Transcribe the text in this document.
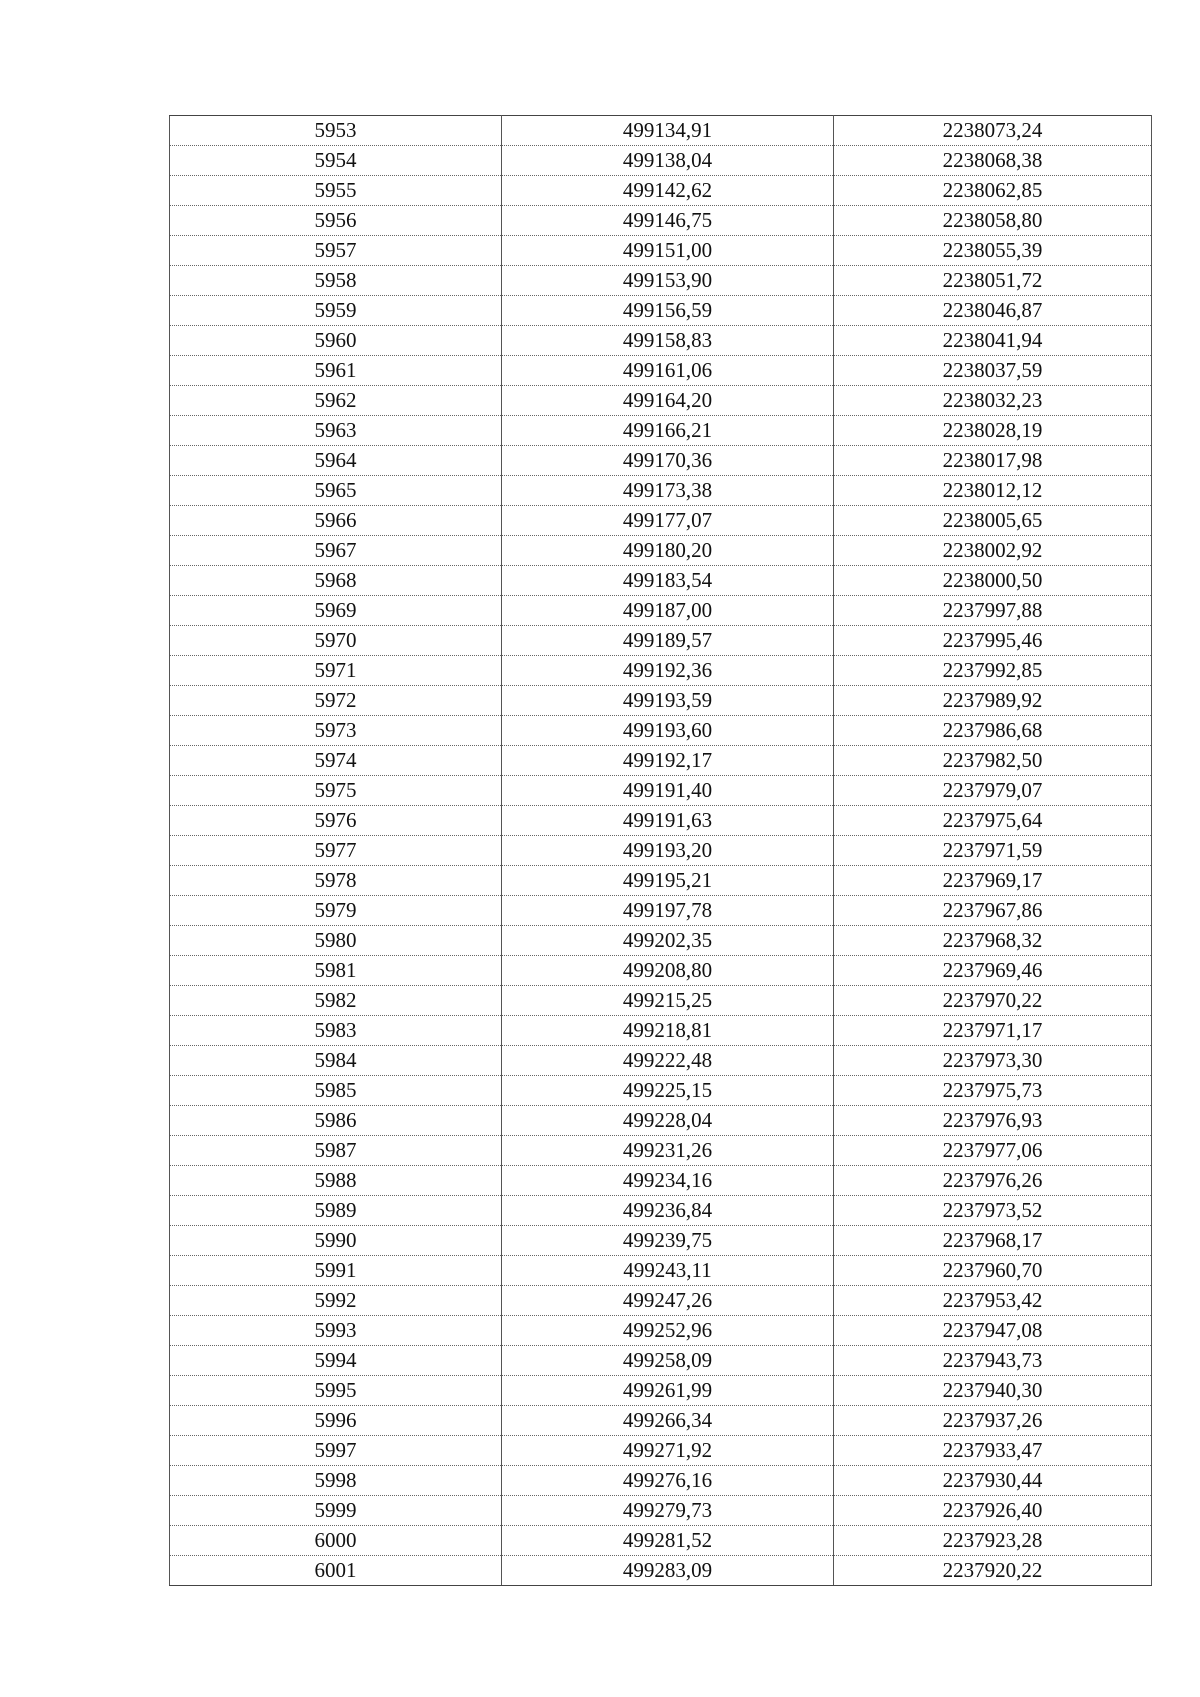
5953	499134,91	2238073,24
5954	499138,04	2238068,38
5955	499142,62	2238062,85
5956	499146,75	2238058,80
5957	499151,00	2238055,39
5958	499153,90	2238051,72
5959	499156,59	2238046,87
5960	499158,83	2238041,94
5961	499161,06	2238037,59
5962	499164,20	2238032,23
5963	499166,21	2238028,19
5964	499170,36	2238017,98
5965	499173,38	2238012,12
5966	499177,07	2238005,65
5967	499180,20	2238002,92
5968	499183,54	2238000,50
5969	499187,00	2237997,88
5970	499189,57	2237995,46
5971	499192,36	2237992,85
5972	499193,59	2237989,92
5973	499193,60	2237986,68
5974	499192,17	2237982,50
5975	499191,40	2237979,07
5976	499191,63	2237975,64
5977	499193,20	2237971,59
5978	499195,21	2237969,17
5979	499197,78	2237967,86
5980	499202,35	2237968,32
5981	499208,80	2237969,46
5982	499215,25	2237970,22
5983	499218,81	2237971,17
5984	499222,48	2237973,30
5985	499225,15	2237975,73
5986	499228,04	2237976,93
5987	499231,26	2237977,06
5988	499234,16	2237976,26
5989	499236,84	2237973,52
5990	499239,75	2237968,17
5991	499243,11	2237960,70
5992	499247,26	2237953,42
5993	499252,96	2237947,08
5994	499258,09	2237943,73
5995	499261,99	2237940,30
5996	499266,34	2237937,26
5997	499271,92	2237933,47
5998	499276,16	2237930,44
5999	499279,73	2237926,40
6000	499281,52	2237923,28
6001	499283,09	2237920,22
